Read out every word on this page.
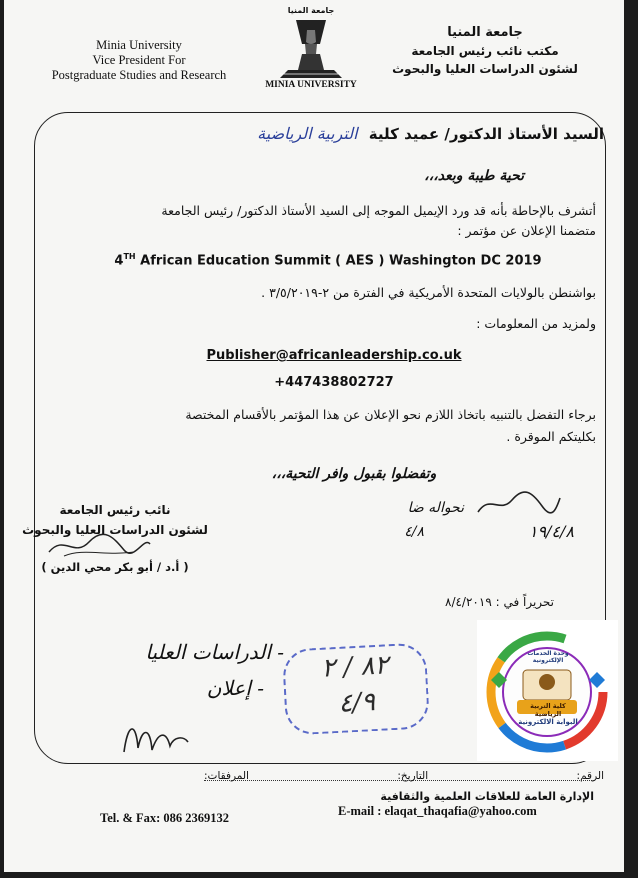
Minia University
Vice President For
Postgraduate Studies and Research
جامعة المنيا
MINIA UNIVERSITY
جامعة المنيا
مكتب نائب رئيس الجامعة
لشئون الدراسات العليا والبحوث
السيد الأستاذ الدكتور/ عميد كلية التربية الرياضية
تحية طيبة وبعد،،،
أتشرف بالإحاطة بأنه قد ورد الإيميل الموجه إلى السيد الأستاذ الدكتور/ رئيس الجامعة
متضمنا الإعلان عن مؤتمر :
4TH African Education Summit ( AES ) Washington DC 2019
بواشنطن بالولايات المتحدة الأمريكية في الفترة من ٢-٣/٥/٢٠١٩ .
ولمزيد من المعلومات :
Publisher@africanleadership.co.uk
+447438802727
برجاء التفضل بالتنبيه باتخاذ اللازم نحو الإعلان عن هذا المؤتمر بالأقسام المختصة
بكليتكم الموقرة .
وتفضلوا بقبول وافر التحية،،،
نائب رئيس الجامعة
لشئون الدراسات العليا والبحوث
( أ.د / أبو بكر محي الدين )
١٩/٤/٨
نحواله ضا
٤/٨
تحريراً في : ٨/٤/٢٠١٩
- الدراسات العليا
- إعلان
٨٢ / ٢
٤/٩
الرقم:
التاريخ:
المرفقات:
الإدارة العامة للعلاقات العلمية والثقافية
Tel. & Fax: 086 2369132	E-mail : elaqat_thaqafia@yahoo.com
وحدة الخدمات الإلكترونية
كلية التربية الرياضية
البوابة الالكترونية
